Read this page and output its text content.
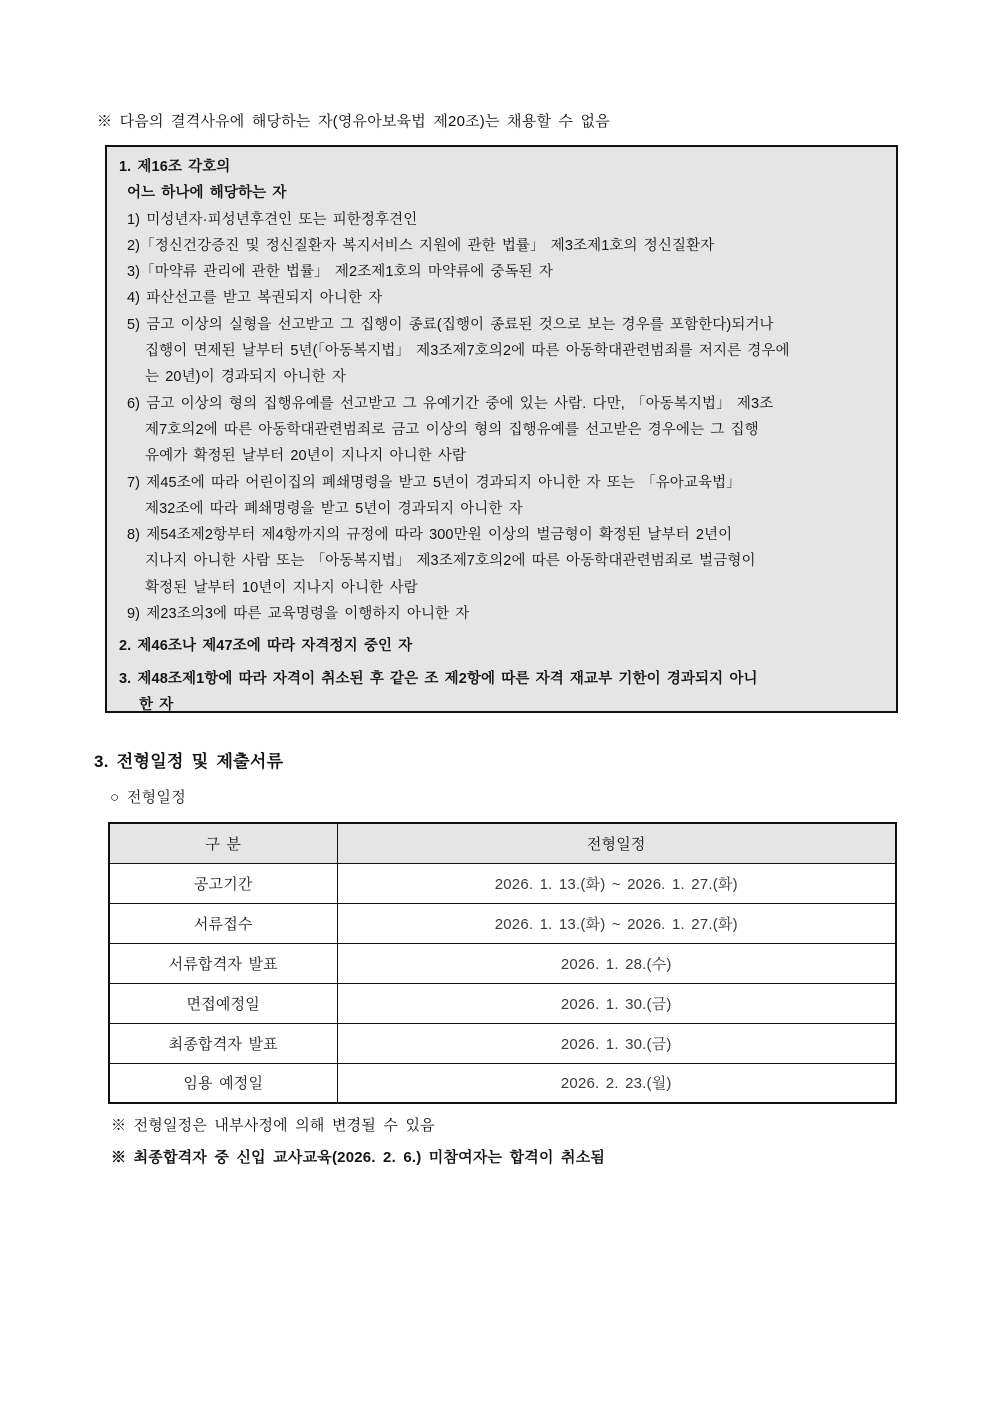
※ 다음의 결격사유에 해당하는 자(영유아보육법 제20조)는 채용할 수 없음
1. 제16조 각호의
어느 하나에 해당하는 자
1) 미성년자·피성년후견인 또는 피한정후견인
2)「정신건강증진 및 정신질환자 복지서비스 지원에 관한 법률」 제3조제1호의 정신질환자
3)「마약류 관리에 관한 법률」 제2조제1호의 마약류에 중독된 자
4) 파산선고를 받고 복권되지 아니한 자
5) 금고 이상의 실형을 선고받고 그 집행이 종료(집행이 종료된 것으로 보는 경우를 포함한다)되거나
집행이 면제된 날부터 5년(「아동복지법」 제3조제7호의2에 따른 아동학대관련범죄를 저지른 경우에
는 20년)이 경과되지 아니한 자
6) 금고 이상의 형의 집행유예를 선고받고 그 유예기간 중에 있는 사람. 다만, 「아동복지법」 제3조
제7호의2에 따른 아동학대관련범죄로 금고 이상의 형의 집행유예를 선고받은 경우에는 그 집행
유예가 확정된 날부터 20년이 지나지 아니한 사람
7) 제45조에 따라 어린이집의 폐쇄명령을 받고 5년이 경과되지 아니한 자 또는 「유아교육법」
제32조에 따라 폐쇄명령을 받고 5년이 경과되지 아니한 자
8) 제54조제2항부터 제4항까지의 규정에 따라 300만원 이상의 벌금형이 확정된 날부터 2년이
지나지 아니한 사람 또는 「아동복지법」 제3조제7호의2에 따른 아동학대관련범죄로 벌금형이
확정된 날부터 10년이 지나지 아니한 사람
9) 제23조의3에 따른 교육명령을 이행하지 아니한 자
2. 제46조나 제47조에 따라 자격정지 중인 자
3. 제48조제1항에 따라 자격이 취소된 후 같은 조 제2항에 따른 자격 재교부 기한이 경과되지 아니
한 자
3. 전형일정 및 제출서류
○ 전형일정
구 분	전형일정
공고기간	2026. 1. 13.(화) ~ 2026. 1. 27.(화)
서류접수	2026. 1. 13.(화) ~ 2026. 1. 27.(화)
서류합격자 발표	2026. 1. 28.(수)
면접예정일	2026. 1. 30.(금)
최종합격자 발표	2026. 1. 30.(금)
임용 예정일	2026. 2. 23.(월)
※ 전형일정은 내부사정에 의해 변경될 수 있음
※ 최종합격자 중 신입 교사교육(2026. 2. 6.) 미참여자는 합격이 취소됨
